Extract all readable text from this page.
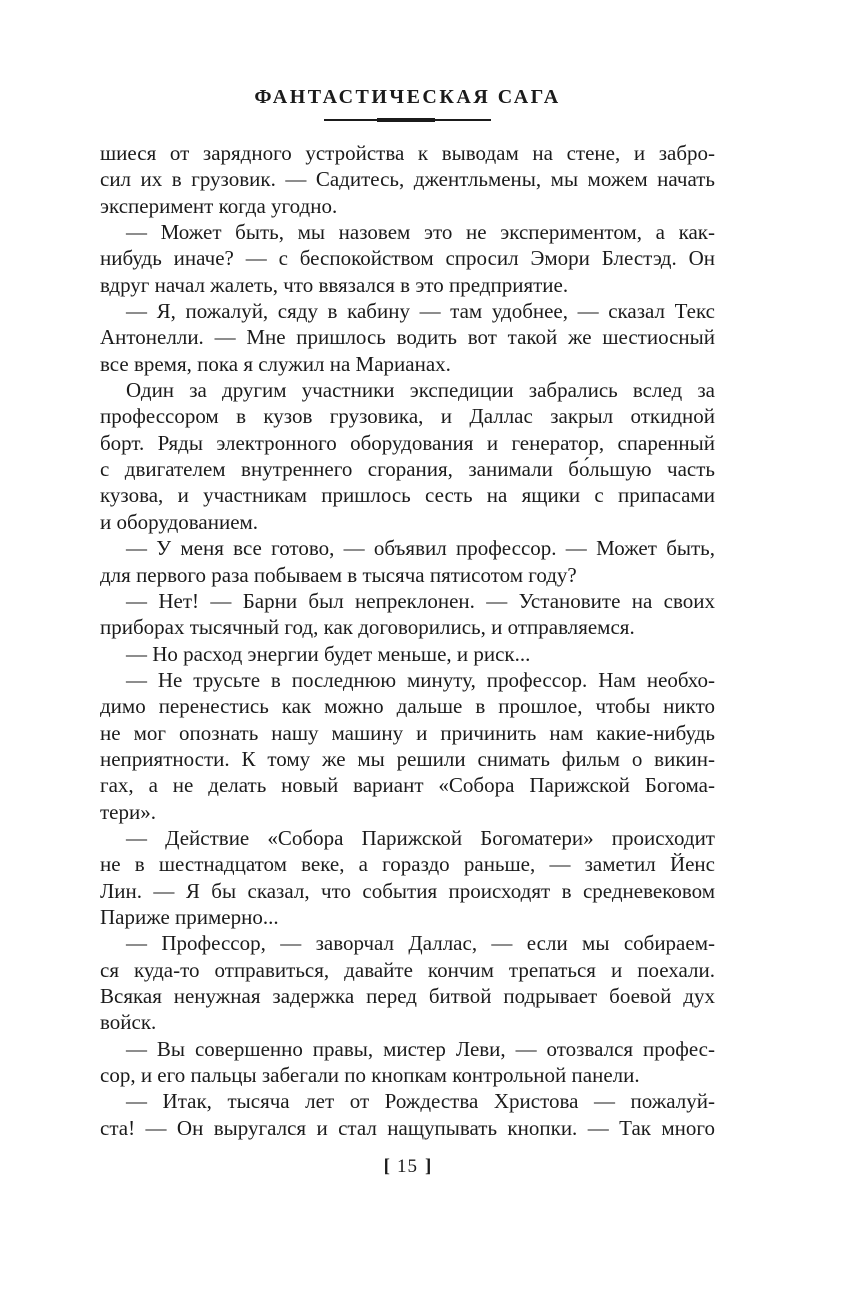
ФАНТАСТИЧЕСКАЯ САГА
шиеся от зарядного устройства к выводам на стене, и забро-
сил их в грузовик. — Садитесь, джентльмены, мы можем начать
эксперимент когда угодно.
— Может быть, мы назовем это не экспериментом, а как-
нибудь иначе? — с беспокойством спросил Эмори Блестэд. Он
вдруг начал жалеть, что ввязался в это предприятие.
— Я, пожалуй, сяду в кабину — там удобнее, — сказал Текс
Антонелли. — Мне пришлось водить вот такой же шестиосный
все время, пока я служил на Марианах.
Один за другим участники экспедиции забрались вслед за
профессором в кузов грузовика, и Даллас закрыл откидной
борт. Ряды электронного оборудования и генератор, спаренный
с двигателем внутреннего сгорания, занимали бо́льшую часть
кузова, и участникам пришлось сесть на ящики с припасами
и оборудованием.
— У меня все готово, — объявил профессор. — Может быть,
для первого раза побываем в тысяча пятисотом году?
— Нет! — Барни был непреклонен. — Установите на своих
приборах тысячный год, как договорились, и отправляемся.
— Но расход энергии будет меньше, и риск...
— Не трусьте в последнюю минуту, профессор. Нам необхо-
димо перенестись как можно дальше в прошлое, чтобы никто
не мог опознать нашу машину и причинить нам какие-нибудь
неприятности. К тому же мы решили снимать фильм о викин-
гах, а не делать новый вариант «Собора Парижской Богома-
тери».
— Действие «Собора Парижской Богоматери» происходит
не в шестнадцатом веке, а гораздо раньше, — заметил Йенс
Лин. — Я бы сказал, что события происходят в средневековом
Париже примерно...
— Профессор, — заворчал Даллас, — если мы собираем-
ся куда-то отправиться, давайте кончим трепаться и поехали.
Всякая ненужная задержка перед битвой подрывает боевой дух
войск.
— Вы совершенно правы, мистер Леви, — отозвался профес-
сор, и его пальцы забегали по кнопкам контрольной панели.
— Итак, тысяча лет от Рождества Христова — пожалуй-
ста! — Он выругался и стал нащупывать кнопки. — Так много
[ 15 ]
